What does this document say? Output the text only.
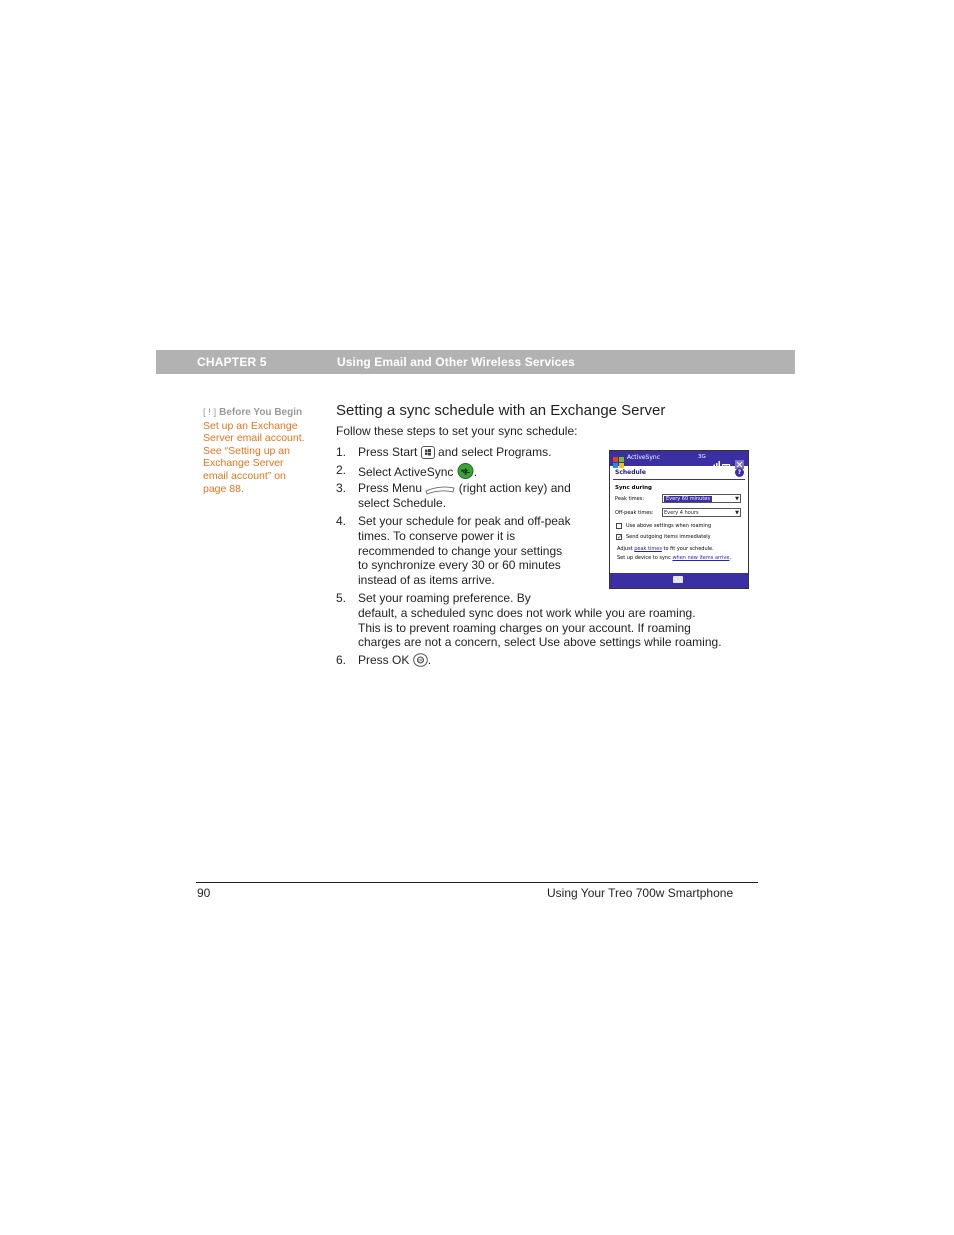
CHAPTER 5	Using Email and Other Wireless Services
[ ! ] Before You Begin
Set up an Exchange
Server email account.
See “Setting up an
Exchange Server
email account” on
page 88.
Setting a sync schedule with an Exchange Server
Follow these steps to set your sync schedule:
1. Press Start and select Programs.
2. Select ActiveSync .
3. Press Menu	(right action key) and
select Schedule.
4. Set your schedule for peak and off-peak
times. To conserve power it is
recommended to change your settings
to synchronize every 30 or 60 minutes
instead of as items arrive.
5. Set your roaming preference. By
default, a scheduled sync does not work while you are roaming.
This is to prevent roaming charges on your account. If roaming
charges are not a concern, select Use above settings while roaming.
6. Press OK ok .
ActiveSync	3G
Schedule	?
Sync during
Peak times:	Every 60 minutes	▼
Off-peak times:	Every 4 hours	▼
Use above settings when roaming
✓ Send outgoing items immediately
Adjust peak times to fit your schedule.
Set up device to sync when new items arrive.
90	Using Your Treo 700w Smartphone
